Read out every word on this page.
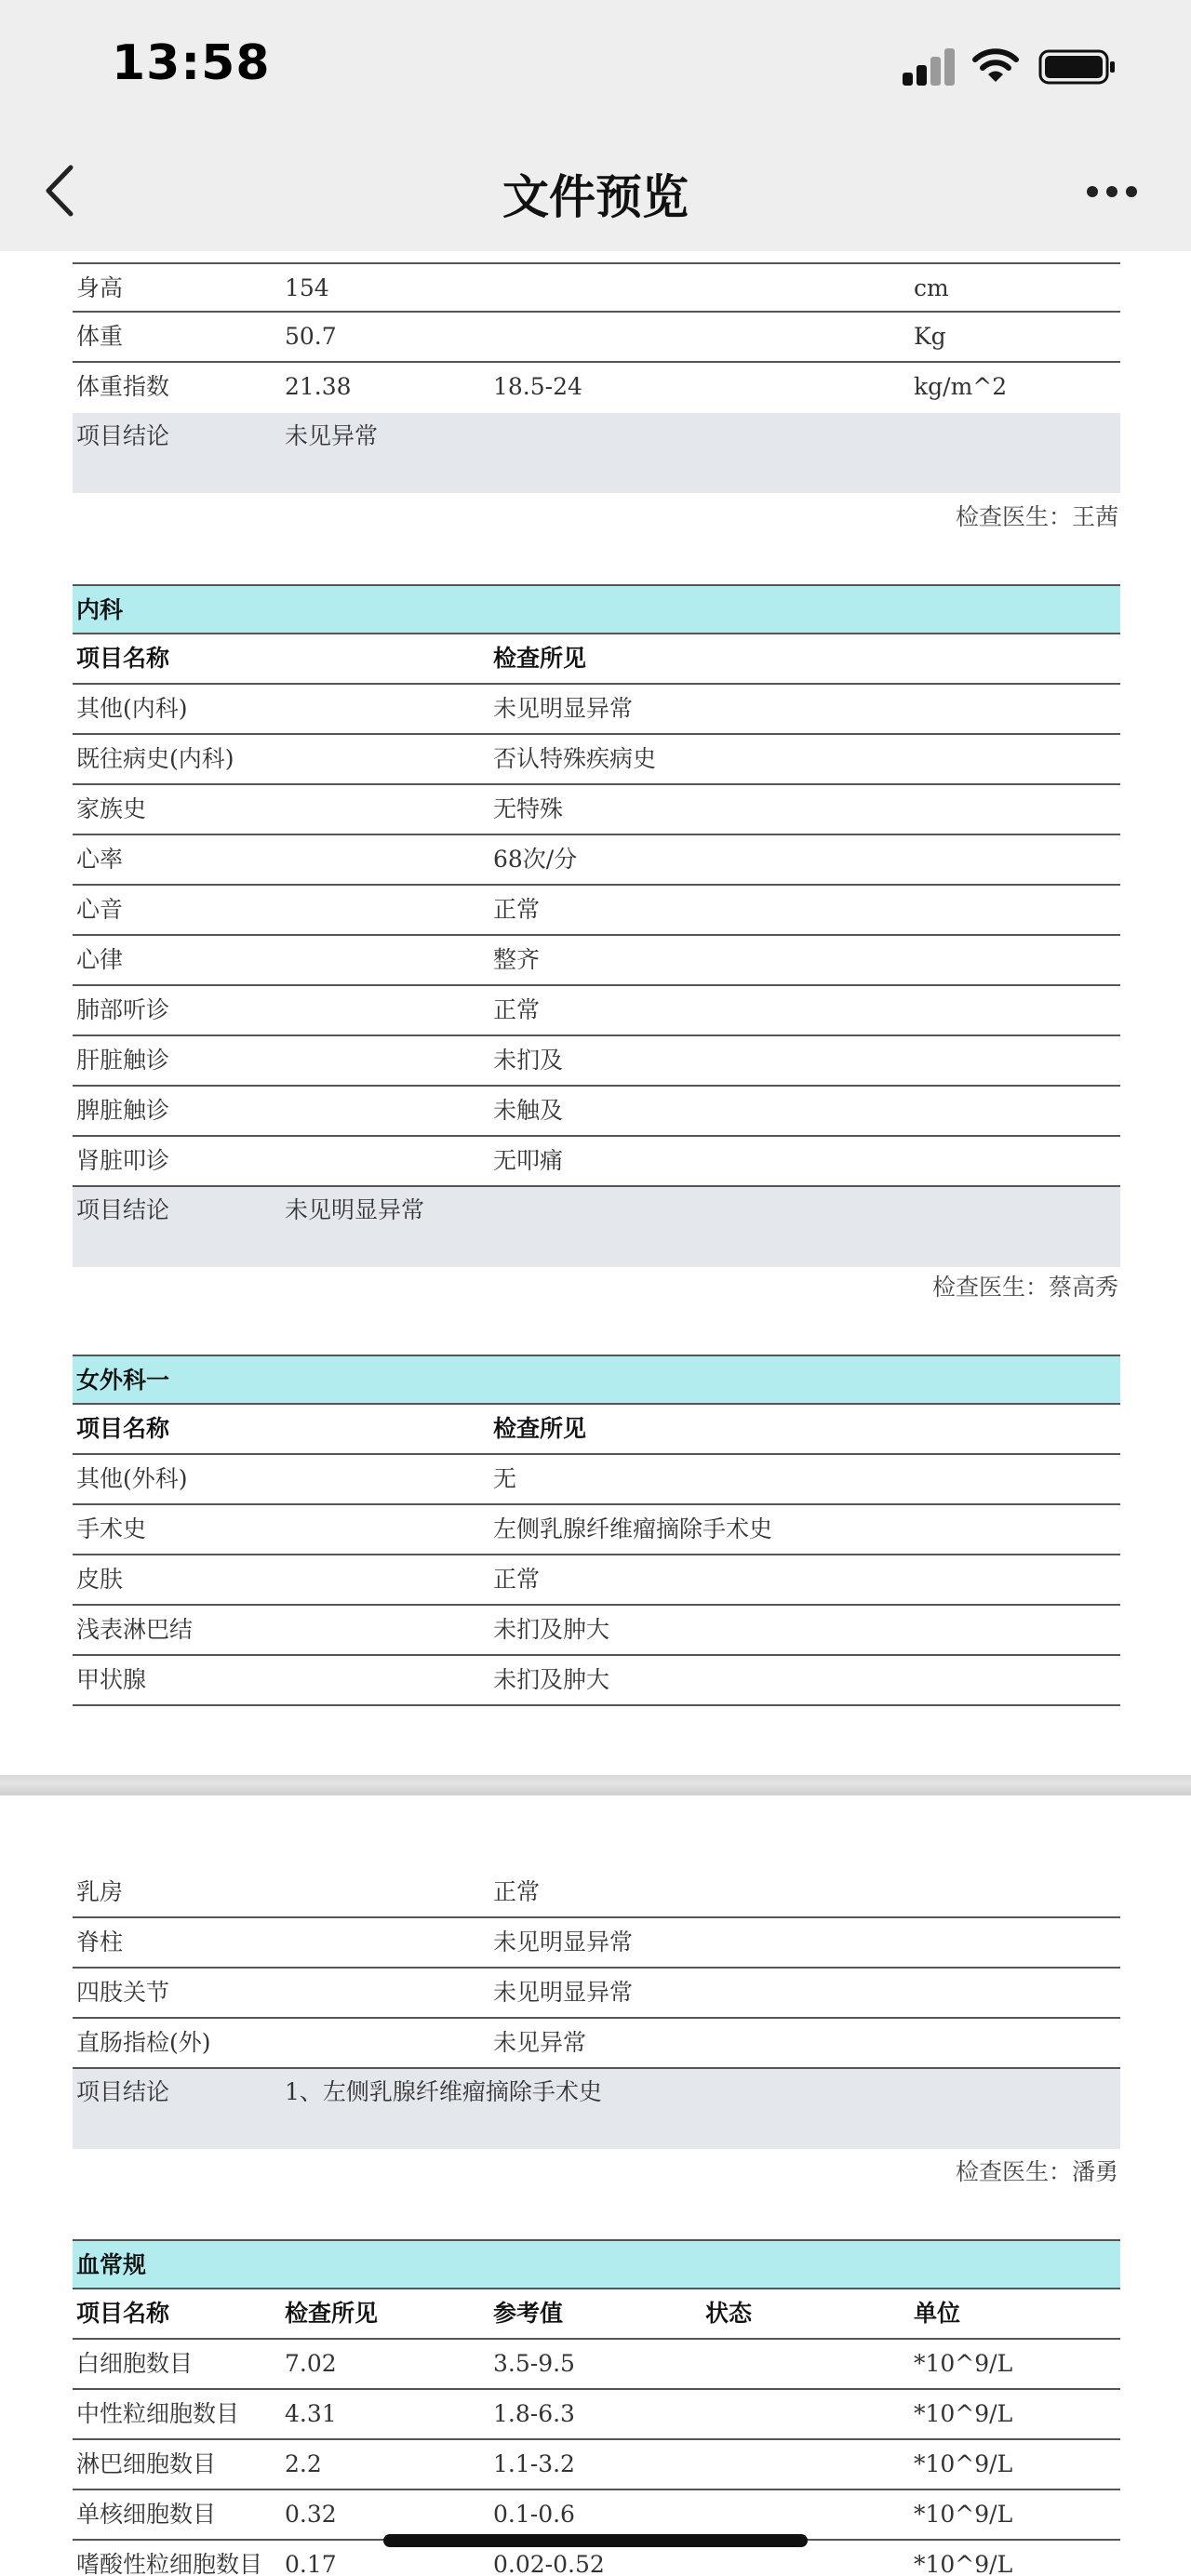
13:58
文件预览
身高	154	cm
体重	50.7	Kg
体重指数	21.38	18.5-24	kg/m^2
项目结论	未见异常
检查医生：王茜
内科
项目名称	检查所见
其他(内科)	未见明显异常
既往病史(内科)	否认特殊疾病史
家族史	无特殊
心率	68次/分
心音	正常
心律	整齐
肺部听诊	正常
肝脏触诊	未扪及
脾脏触诊	未触及
肾脏叩诊	无叩痛
项目结论	未见明显异常
检查医生：蔡高秀
女外科一
项目名称	检查所见
其他(外科)	无
手术史	左侧乳腺纤维瘤摘除手术史
皮肤	正常
浅表淋巴结	未扪及肿大
甲状腺	未扪及肿大
乳房	正常
脊柱	未见明显异常
四肢关节	未见明显异常
直肠指检(外)	未见异常
项目结论	1、左侧乳腺纤维瘤摘除手术史
检查医生：潘勇
血常规
项目名称	检查所见	参考值	状态	单位
白细胞数目	7.02	3.5-9.5	*10^9/L
中性粒细胞数目 4.31	1.8-6.3	*10^9/L
淋巴细胞数目	2.2	1.1-3.2	*10^9/L
单核细胞数目	0.32	0.1-0.6	*10^9/L
嗜酸性粒细胞数目 0.17	0.02-0.52	*10^9/L
